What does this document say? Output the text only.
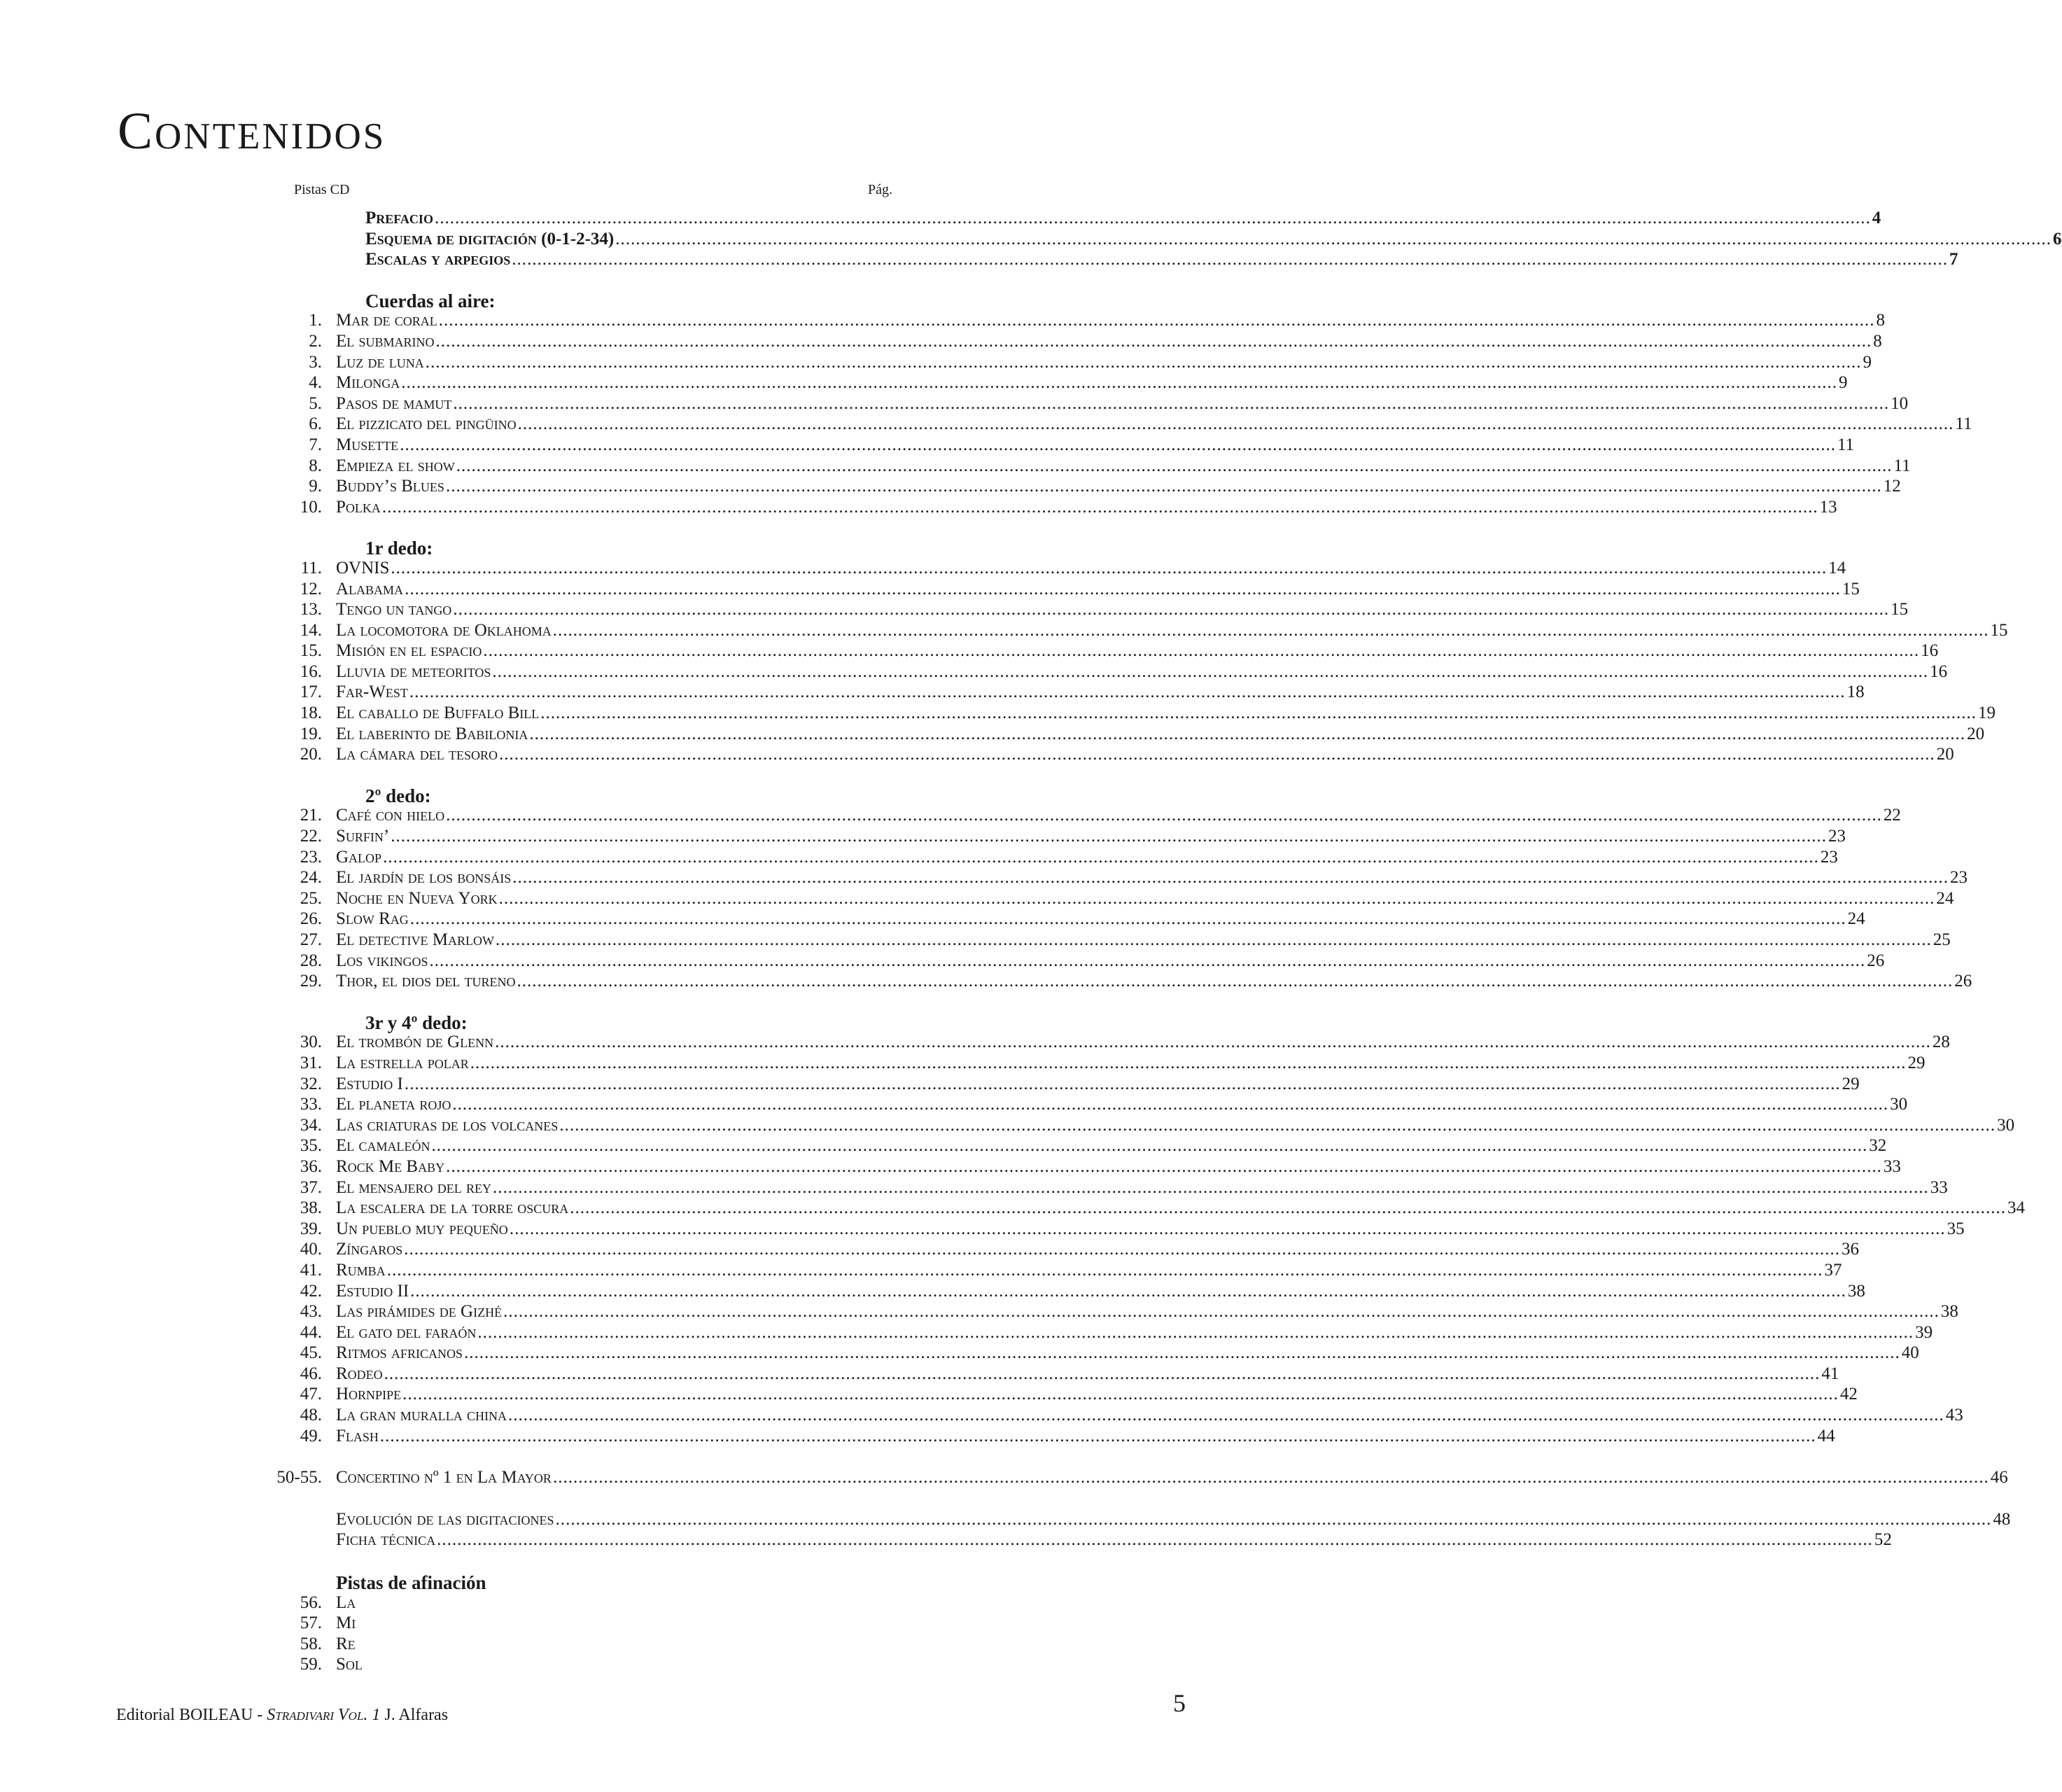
Contenidos
Pistas CD	Pág.
Prefacio .....	4
Esquema de digitación (0-1-2-34) .....	6
Escalas y arpegios .....	7
Cuerdas al aire:
1. Mar de coral .....	8
2. El submarino .....	8
3. Luz de luna .....	9
4. Milonga .....	9
5. Pasos de mamut .....	10
6. El pizzicato del pingüino .....	11
7. Musette .....	11
8. Empieza el show .....	11
9. Buddy’s Blues .....	12
10. Polka .....	13
1r dedo:
11. OVNIS .....	14
12. Alabama .....	15
13. Tengo un tango .....	15
14. La locomotora de Oklahoma .....	15
15. Misión en el espacio .....	16
16. Lluvia de meteoritos .....	16
17. Far-West .....	18
18. El caballo de Buffalo Bill .....	19
19. El laberinto de Babilonia .....	20
20. La cámara del tesoro .....	20
2º dedo:
21. Café con hielo .....	22
22. Surfin’ .....	23
23. Galop .....	23
24. El jardín de los bonsáis .....	23
25. Noche en Nueva York .....	24
26. Slow Rag .....	24
27. El detective Marlow .....	25
28. Los vikingos .....	26
29. Thor, el dios del tureno .....	26
3r y 4º dedo:
30. El trombón de Glenn .....	28
31. La estrella polar .....	29
32. Estudio I .....	29
33. El planeta rojo .....	30
34. Las criaturas de los volcanes .....	30
35. El camaleón .....	32
36. Rock Me Baby .....	33
37. El mensajero del rey .....	33
38. La escalera de la torre oscura .....	34
39. Un pueblo muy pequeño .....	35
40. Zíngaros .....	36
41. Rumba .....	37
42. Estudio II .....	38
43. Las pirámides de Gizhé .....	38
44. El gato del faraón .....	39
45. Ritmos africanos .....	40
46. Rodeo .....	41
47. Hornpipe .....	42
48. La gran muralla china .....	43
49. Flash .....	44
50-55. Concertino nº 1 en La Mayor .....	46
Evolución de las digitaciones .....	48
Ficha técnica .....	52
Pistas de afinación
56. La
57. Mi
58. Re
59. Sol
Editorial BOILEAU - Stradivari Vol. 1 J. Alfaras	5
